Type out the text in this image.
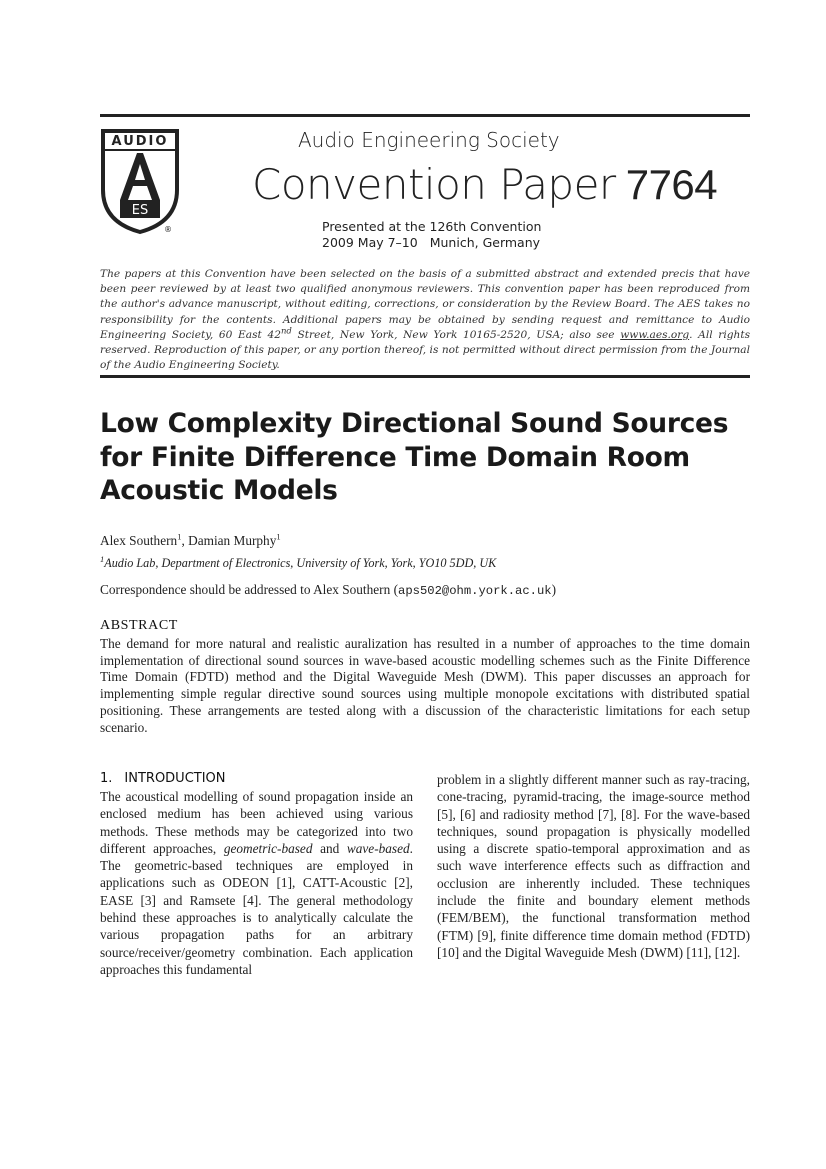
AUDIO
ES
®
Audio Engineering Society
Convention Paper 7764
Presented at the 126th Convention
2009 May 7–10 Munich, Germany
The papers at this Convention have been selected on the basis of a submitted abstract and extended precis that have been peer reviewed by at least two qualified anonymous reviewers. This convention paper has been reproduced from the author's advance manuscript, without editing, corrections, or consideration by the Review Board. The AES takes no responsibility for the contents. Additional papers may be obtained by sending request and remittance to Audio Engineering Society, 60 East 42nd Street, New York, New York 10165-2520, USA; also see www.aes.org. All rights reserved. Reproduction of this paper, or any portion thereof, is not permitted without direct permission from the Journal of the Audio Engineering Society.
Low Complexity Directional Sound Sources for Finite Difference Time Domain Room Acoustic Models
Alex Southern$^1$, Damian Murphy$^1$
$^1$Audio Lab, Department of Electronics, University of York, York, YO10 5DD, UK
Correspondence should be addressed to Alex Southern (aps502@ohm.york.ac.uk)
ABSTRACT
The demand for more natural and realistic auralization has resulted in a number of approaches to the time domain implementation of directional sound sources in wave-based acoustic modelling schemes such as the Finite Difference Time Domain (FDTD) method and the Digital Waveguide Mesh (DWM). This paper discusses an approach for implementing simple regular directive sound sources using multiple monopole excitations with distributed spatial positioning. These arrangements are tested along with a discussion of the characteristic limitations for each setup scenario.
1. INTRODUCTION
The acoustical modelling of sound propagation inside an enclosed medium has been achieved using various methods. These methods may be categorized into two different approaches, geometric-based and wave-based. The geometric-based techniques are employed in applications such as ODEON [1], CATT-Acoustic [2], EASE [3] and Ramsete [4]. The general methodology behind these approaches is to analytically calculate the various propagation paths for an arbitrary source/receiver/geometry combination. Each application approaches this fundamental
problem in a slightly different manner such as ray-tracing, cone-tracing, pyramid-tracing, the image-source method [5], [6] and radiosity method [7], [8]. For the wave-based techniques, sound propagation is physically modelled using a discrete spatio-temporal approximation and as such wave interference effects such as diffraction and occlusion are inherently included. These techniques include the finite and boundary element methods (FEM/BEM), the functional transformation method (FTM) [9], finite difference time domain method (FDTD) [10] and the Digital Waveguide Mesh (DWM) [11], [12].
